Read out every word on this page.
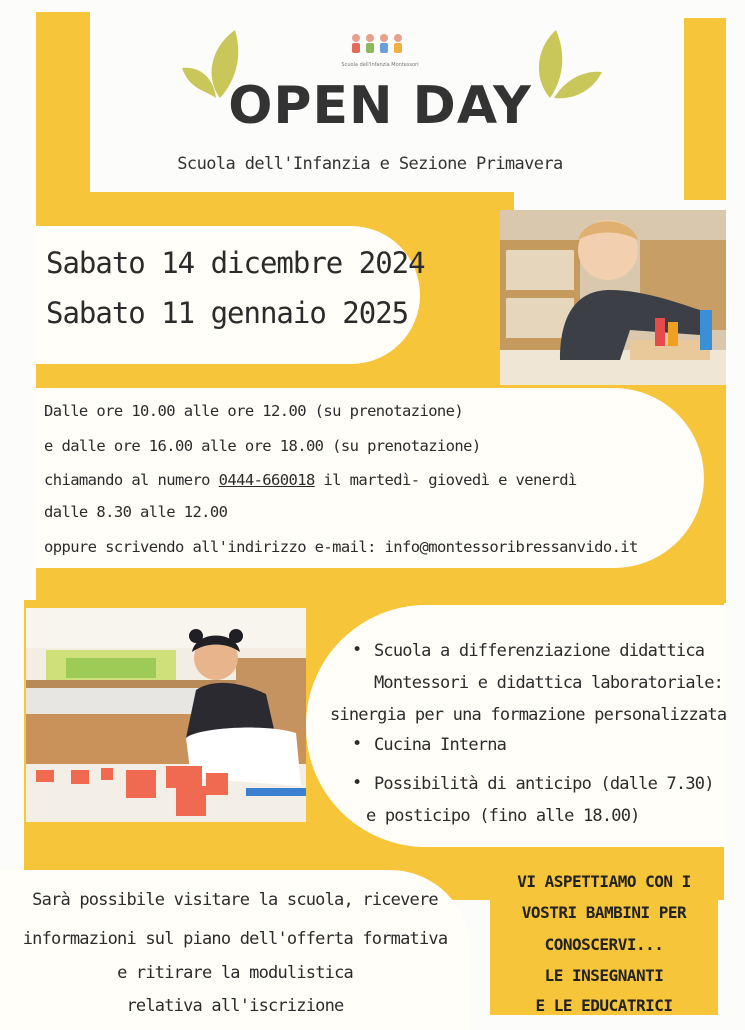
OPEN DAY
Scuola dell'Infanzia e Sezione Primavera
Sabato 14 dicembre 2024
Sabato 11 gennaio 2025
Dalle ore 10.00 alle ore 12.00 (su prenotazione)
e dalle ore 16.00 alle ore 18.00 (su prenotazione)
chiamando al numero 0444-660018 il martedì- giovedì e venerdì
dalle 8.30 alle 12.00
oppure scrivendo all'indirizzo e-mail: info@montessoribressanvido.it
• Scuola a differenziazione didattica
Montessori e didattica laboratoriale:
sinergia per una formazione personalizzata
• Cucina Interna
• Possibilità di anticipo (dalle 7.30)
e posticipo (fino alle 18.00)
Sarà possibile visitare la scuola, ricevere
informazioni sul piano dell'offerta formativa
e ritirare la modulistica
relativa all'iscrizione
VI ASPETTIAMO CON I
VOSTRI BAMBINI PER
CONOSCERVI...
LE INSEGNANTI
E LE EDUCATRICI
Scuola dell'Infanzia Montessori
